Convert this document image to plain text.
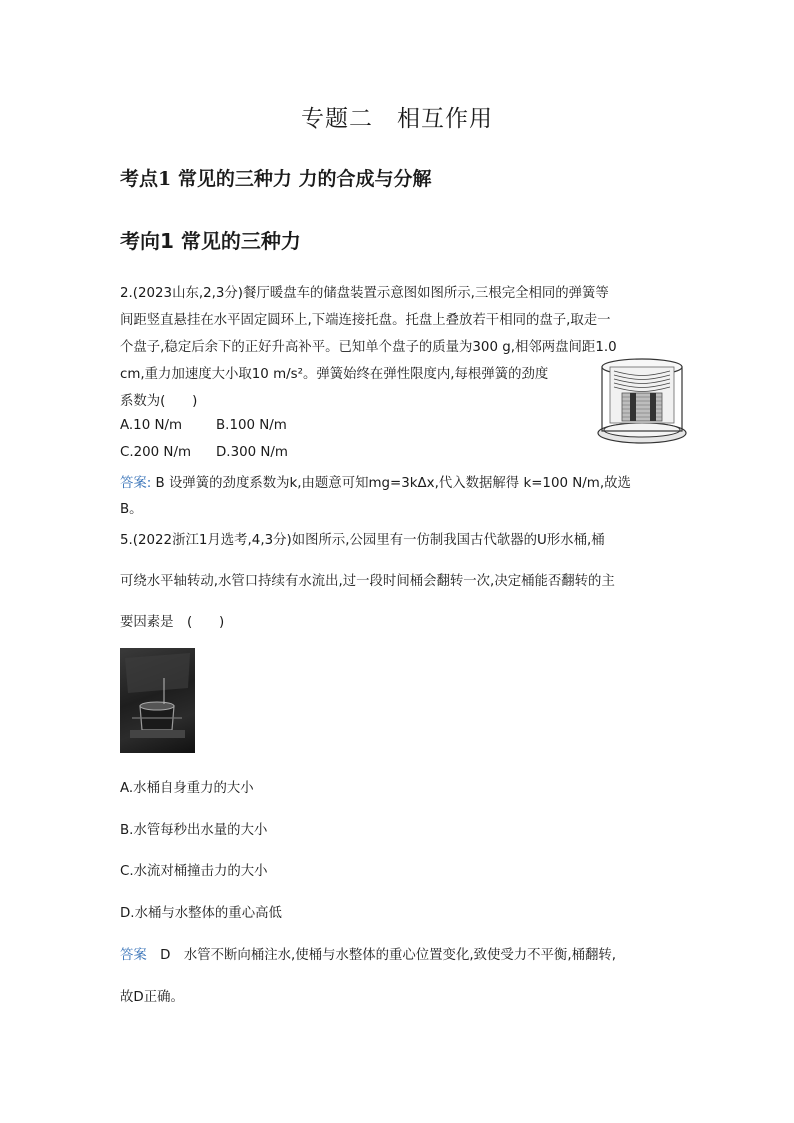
专题二　相互作用
考点1 常见的三种力 力的合成与分解
考向1 常见的三种力
2.(2023山东,2,3分)餐厅暖盘车的储盘装置示意图如图所示,三根完全相同的弹簧等
间距竖直悬挂在水平固定圆环上,下端连接托盘。托盘上叠放若干相同的盘子,取走一
个盘子,稳定后余下的正好升高补平。已知单个盘子的质量为300 g,相邻两盘间距1.0
cm,重力加速度大小取10 m/s²。弹簧始终在弹性限度内,每根弹簧的劲度
系数为(　　)
A.10 N/m	B.100 N/m
C.200 N/m D.300 N/m
答案: B 设弹簧的劲度系数为k,由题意可知mg=3kΔx,代入数据解得 k=100 N/m,故选
B。
5.(2022浙江1月选考,4,3分)如图所示,公园里有一仿制我国古代欹器的U形水桶,桶
可绕水平轴转动,水管口持续有水流出,过一段时间桶会翻转一次,决定桶能否翻转的主
要因素是　(　　)
A.水桶自身重力的大小
B.水管每秒出水量的大小
C.水流对桶撞击力的大小
D.水桶与水整体的重心高低
答案　D　水管不断向桶注水,使桶与水整体的重心位置变化,致使受力不平衡,桶翻转,
故D正确。
